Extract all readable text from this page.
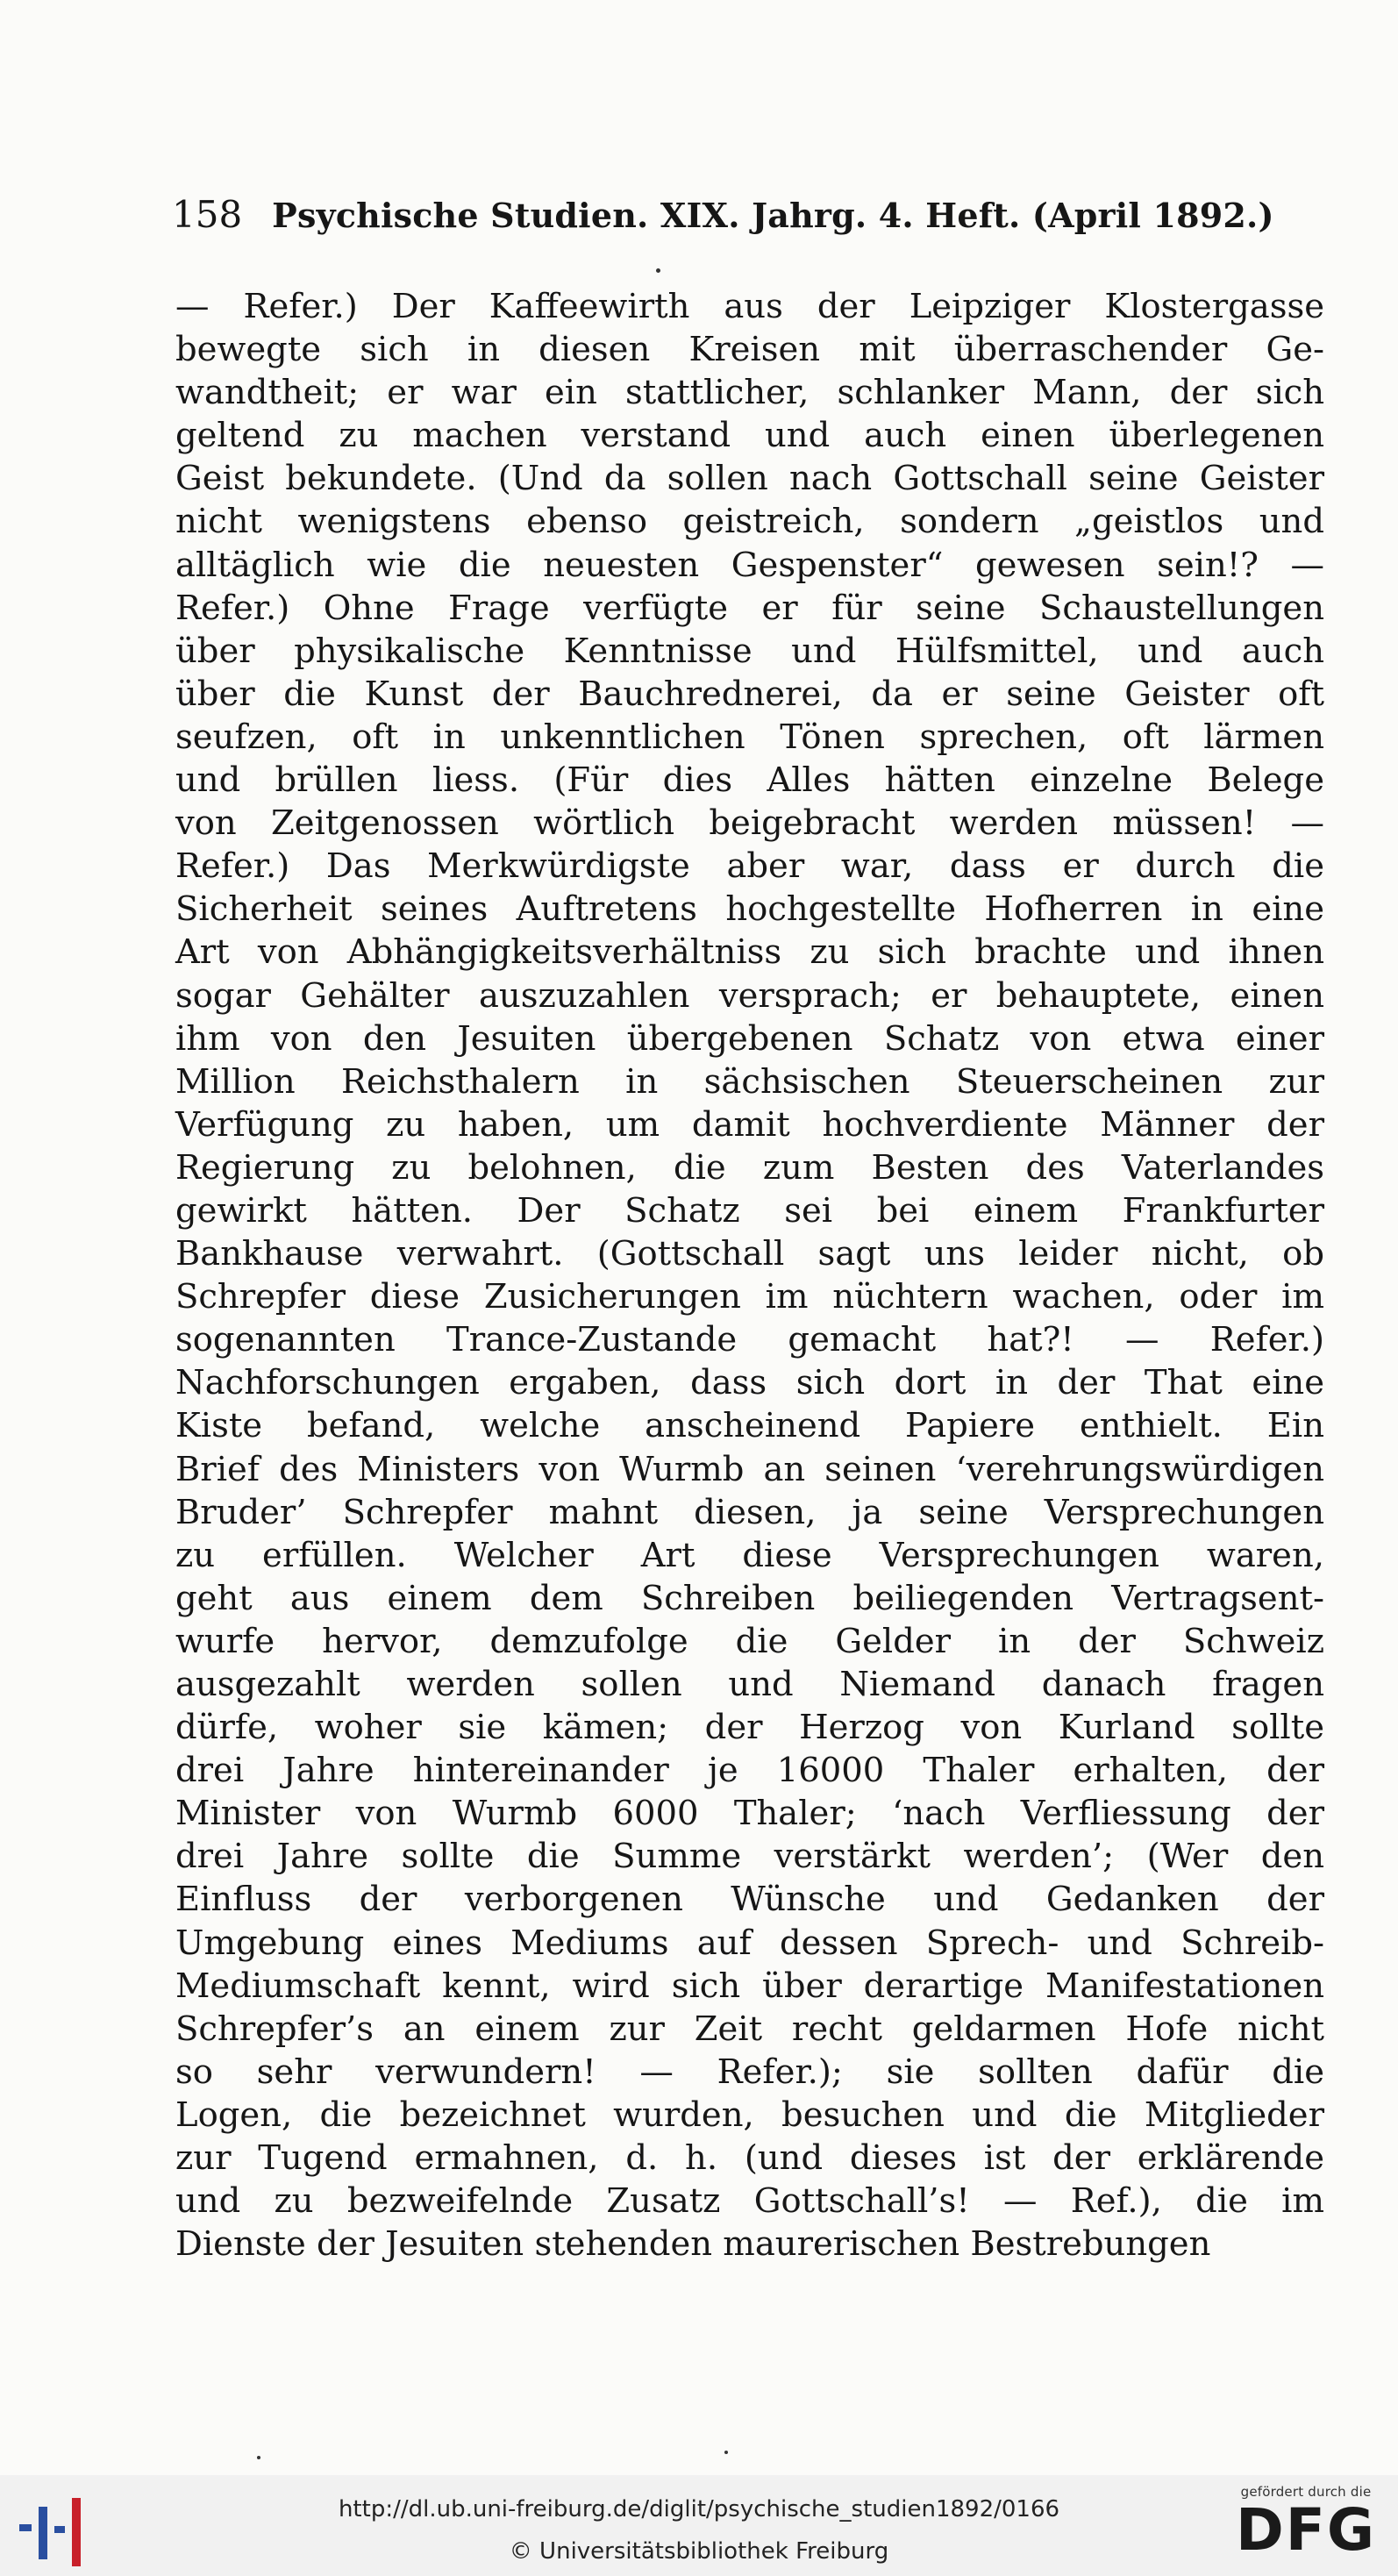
158 Psychische Studien. XIX. Jahrg. 4. Heft. (April 1892.)
— Refer.) Der Kaffeewirth aus der Leipziger Klostergasse
bewegte sich in diesen Kreisen mit überraschender Ge-
wandtheit; er war ein stattlicher, schlanker Mann, der sich
geltend zu machen verstand und auch einen überlegenen
Geist bekundete. (Und da sollen nach Gottschall seine Geister
nicht wenigstens ebenso geistreich, sondern „geistlos und
alltäglich wie die neuesten Gespenster“ gewesen sein!? —
Refer.) Ohne Frage verfügte er für seine Schaustellungen
über physikalische Kenntnisse und Hülfsmittel, und auch
über die Kunst der Bauchrednerei, da er seine Geister oft
seufzen, oft in unkenntlichen Tönen sprechen, oft lärmen
und brüllen liess. (Für dies Alles hätten einzelne Belege
von Zeitgenossen wörtlich beigebracht werden müssen! —
Refer.) Das Merkwürdigste aber war, dass er durch die
Sicherheit seines Auftretens hochgestellte Hofherren in eine
Art von Abhängigkeitsverhältniss zu sich brachte und ihnen
sogar Gehälter auszuzahlen versprach; er behauptete, einen
ihm von den Jesuiten übergebenen Schatz von etwa einer
Million Reichsthalern in sächsischen Steuerscheinen zur
Verfügung zu haben, um damit hochverdiente Männer der
Regierung zu belohnen, die zum Besten des Vaterlandes
gewirkt hätten. Der Schatz sei bei einem Frankfurter
Bankhause verwahrt. (Gottschall sagt uns leider nicht, ob
Schrepfer diese Zusicherungen im nüchtern wachen, oder im
sogenannten Trance-Zustande gemacht hat?! — Refer.)
Nachforschungen ergaben, dass sich dort in der That eine
Kiste befand, welche anscheinend Papiere enthielt. Ein
Brief des Ministers von Wurmb an seinen ‘verehrungswürdigen
Bruder’ Schrepfer mahnt diesen, ja seine Versprechungen
zu erfüllen. Welcher Art diese Versprechungen waren,
geht aus einem dem Schreiben beiliegenden Vertragsent-
wurfe hervor, demzufolge die Gelder in der Schweiz
ausgezahlt werden sollen und Niemand danach fragen
dürfe, woher sie kämen; der Herzog von Kurland sollte
drei Jahre hintereinander je 16000 Thaler erhalten, der
Minister von Wurmb 6000 Thaler; ‘nach Verfliessung der
drei Jahre sollte die Summe verstärkt werden’; (Wer den
Einfluss der verborgenen Wünsche und Gedanken der
Umgebung eines Mediums auf dessen Sprech- und Schreib-
Mediumschaft kennt, wird sich über derartige Manifestationen
Schrepfer’s an einem zur Zeit recht geldarmen Hofe nicht
so sehr verwundern! — Refer.); sie sollten dafür die
Logen, die bezeichnet wurden, besuchen und die Mitglieder
zur Tugend ermahnen, d. h. (und dieses ist der erklärende
und zu bezweifelnde Zusatz Gottschall’s! — Ref.), die im
Dienste der Jesuiten stehenden maurerischen Bestrebungen
http://dl.ub.uni-freiburg.de/diglit/psychische_studien1892/0166
© Universitätsbibliothek Freiburg
gefördert durch die
DFG
